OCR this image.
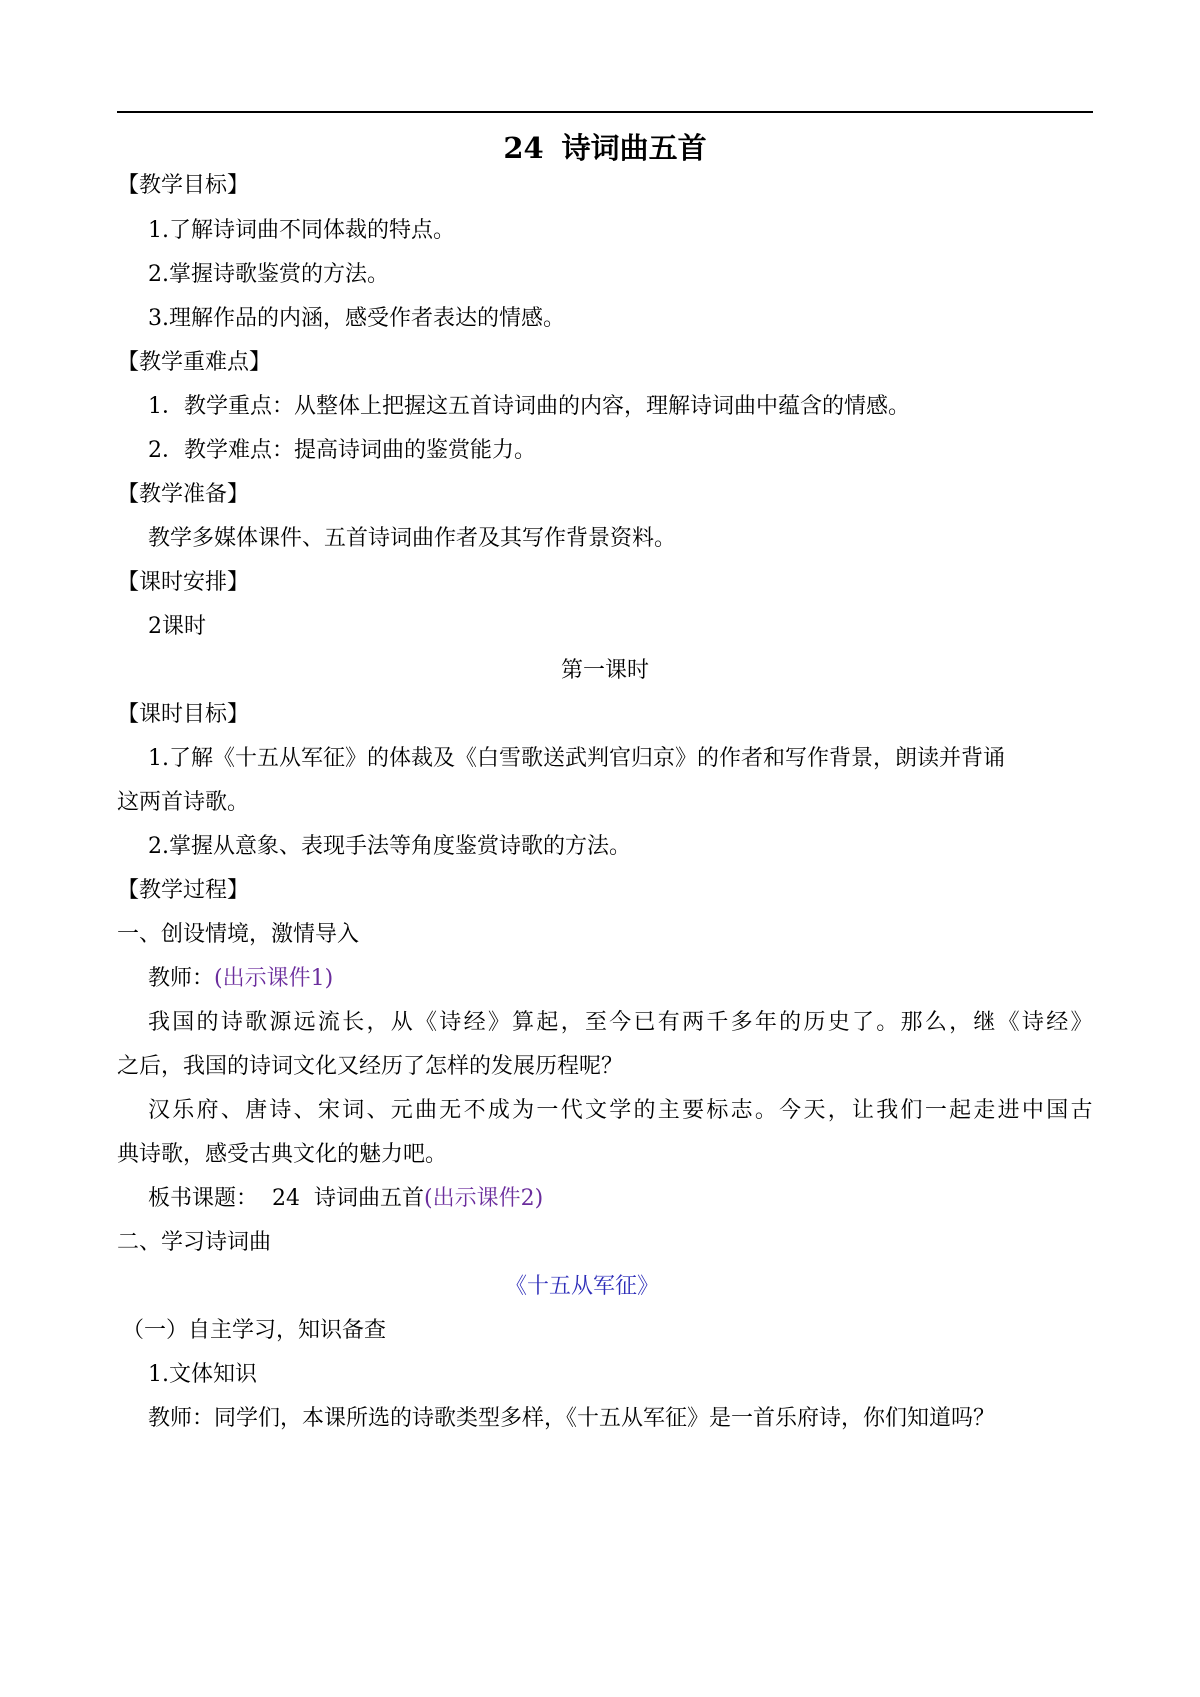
24 诗词曲五首
【教学目标】
1.了解诗词曲不同体裁的特点。
2.掌握诗歌鉴赏的方法。
3.理解作品的内涵，感受作者表达的情感。
【教学重难点】
1．教学重点：从整体上把握这五首诗词曲的内容，理解诗词曲中蕴含的情感。
2．教学难点：提高诗词曲的鉴赏能力。
【教学准备】
教学多媒体课件、五首诗词曲作者及其写作背景资料。
【课时安排】
2课时
第一课时
【课时目标】
1.了解《十五从军征》的体裁及《白雪歌送武判官归京》的作者和写作背景，朗读并背诵
这两首诗歌。
2.掌握从意象、表现手法等角度鉴赏诗歌的方法。
【教学过程】
一、创设情境，激情导入
教师：(出示课件1)
我国的诗歌源远流长，从《诗经》算起，至今已有两千多年的历史了。那么，继《诗经》
之后，我国的诗词文化又经历了怎样的发展历程呢？
汉乐府、唐诗、宋词、元曲无不成为一代文学的主要标志。今天，让我们一起走进中国古
典诗歌，感受古典文化的魅力吧。
板书课题： 24 诗词曲五首(出示课件2)
二、学习诗词曲
《十五从军征》
（一）自主学习，知识备查
1.文体知识
教师：同学们，本课所选的诗歌类型多样，《十五从军征》是一首乐府诗，你们知道吗？
